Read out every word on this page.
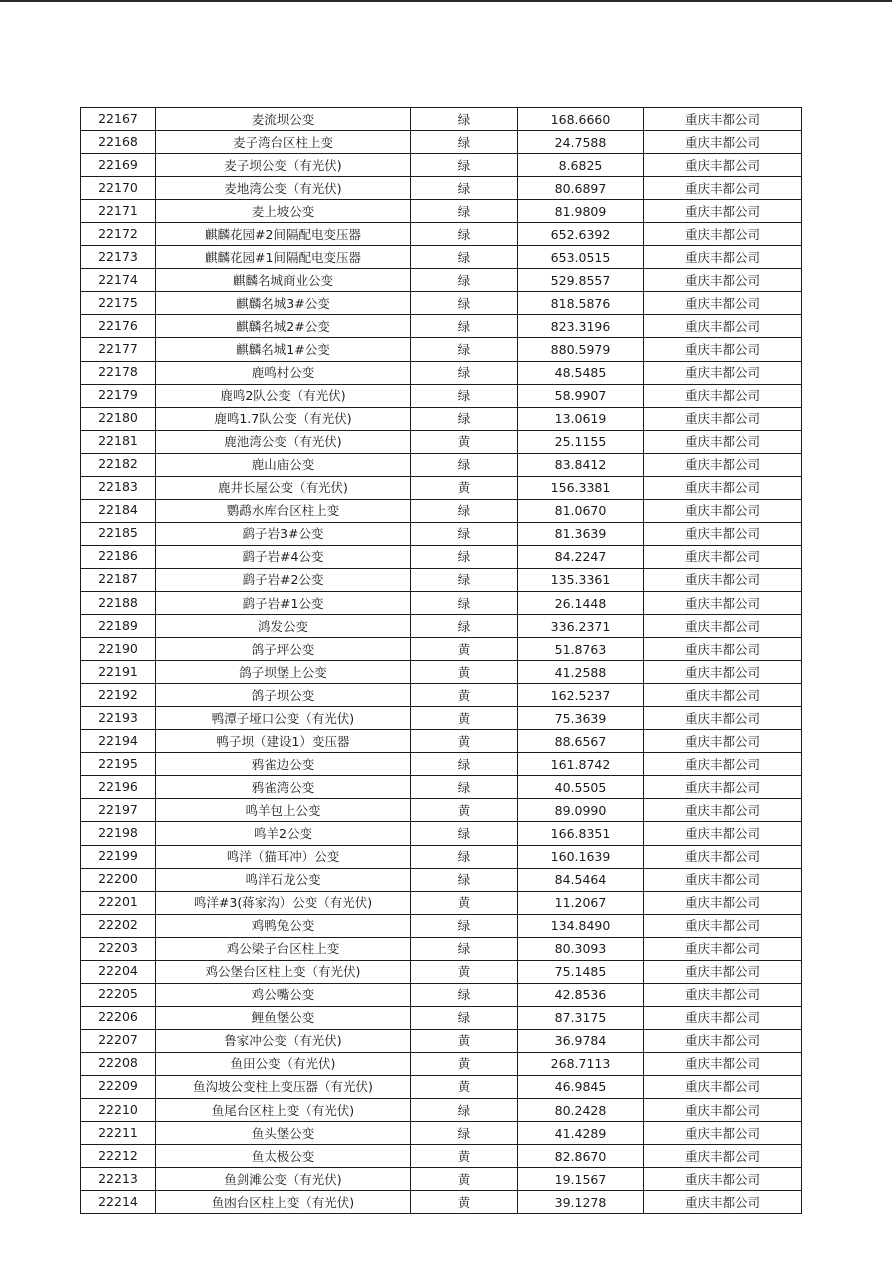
22167	麦流坝公变	绿	168.6660	重庆丰都公司
22168	麦子湾台区柱上变	绿	24.7588	重庆丰都公司
22169	麦子坝公变（有光伏)	绿	8.6825	重庆丰都公司
22170	麦地湾公变（有光伏)	绿	80.6897	重庆丰都公司
22171	麦上坡公变	绿	81.9809	重庆丰都公司
22172	麒麟花园#2间隔配电变压器	绿	652.6392	重庆丰都公司
22173	麒麟花园#1间隔配电变压器	绿	653.0515	重庆丰都公司
22174	麒麟名城商业公变	绿	529.8557	重庆丰都公司
22175	麒麟名城3#公变	绿	818.5876	重庆丰都公司
22176	麒麟名城2#公变	绿	823.3196	重庆丰都公司
22177	麒麟名城1#公变	绿	880.5979	重庆丰都公司
22178	鹿鸣村公变	绿	48.5485	重庆丰都公司
22179	鹿鸣2队公变（有光伏)	绿	58.9907	重庆丰都公司
22180	鹿鸣1.7队公变（有光伏)	绿	13.0619	重庆丰都公司
22181	鹿池湾公变（有光伏)	黄	25.1155	重庆丰都公司
22182	鹿山庙公变	绿	83.8412	重庆丰都公司
22183	鹿井长屋公变（有光伏)	黄	156.3381	重庆丰都公司
22184	鹦鹉水库台区柱上变	绿	81.0670	重庆丰都公司
22185	鹞子岩3#公变	绿	81.3639	重庆丰都公司
22186	鹞子岩#4公变	绿	84.2247	重庆丰都公司
22187	鹞子岩#2公变	绿	135.3361	重庆丰都公司
22188	鹞子岩#1公变	绿	26.1448	重庆丰都公司
22189	鸿发公变	绿	336.2371	重庆丰都公司
22190	鸽子坪公变	黄	51.8763	重庆丰都公司
22191	鸽子坝堡上公变	黄	41.2588	重庆丰都公司
22192	鸽子坝公变	黄	162.5237	重庆丰都公司
22193	鸭潭子垭口公变（有光伏)	黄	75.3639	重庆丰都公司
22194	鸭子坝（建设1）变压器	黄	88.6567	重庆丰都公司
22195	鸦雀边公变	绿	161.8742	重庆丰都公司
22196	鸦雀湾公变	绿	40.5505	重庆丰都公司
22197	鸣羊包上公变	黄	89.0990	重庆丰都公司
22198	鸣羊2公变	绿	166.8351	重庆丰都公司
22199	鸣洋（猫耳冲）公变	绿	160.1639	重庆丰都公司
22200	鸣洋石龙公变	绿	84.5464	重庆丰都公司
22201	鸣洋#3(蒋家沟）公变（有光伏)	黄	11.2067	重庆丰都公司
22202	鸡鸭兔公变	绿	134.8490	重庆丰都公司
22203	鸡公梁子台区柱上变	绿	80.3093	重庆丰都公司
22204	鸡公堡台区柱上变（有光伏)	黄	75.1485	重庆丰都公司
22205	鸡公嘴公变	绿	42.8536	重庆丰都公司
22206	鲤鱼堡公变	绿	87.3175	重庆丰都公司
22207	鲁家冲公变（有光伏)	黄	36.9784	重庆丰都公司
22208	鱼田公变（有光伏)	黄	268.7113	重庆丰都公司
22209	鱼沟坡公变柱上变压器（有光伏)	黄	46.9845	重庆丰都公司
22210	鱼尾台区柱上变（有光伏)	绿	80.2428	重庆丰都公司
22211	鱼头堡公变	绿	41.4289	重庆丰都公司
22212	鱼太极公变	黄	82.8670	重庆丰都公司
22213	鱼剑滩公变（有光伏)	黄	19.1567	重庆丰都公司
22214	鱼凼台区柱上变（有光伏)	黄	39.1278	重庆丰都公司
